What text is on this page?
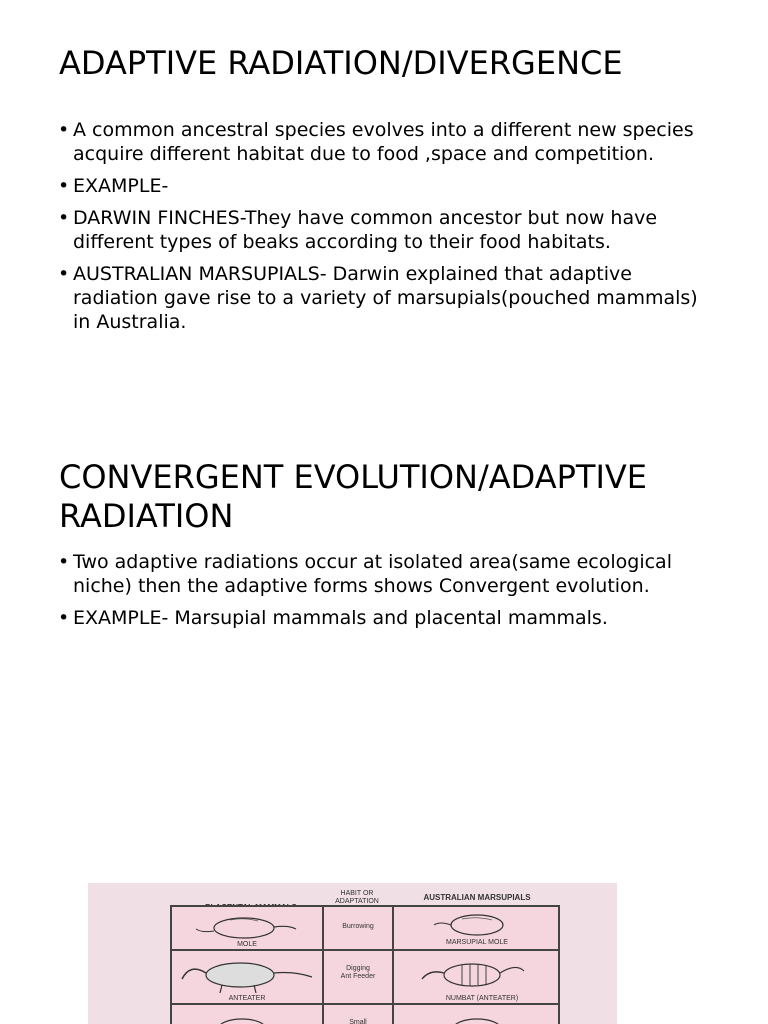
ADAPTIVE RADIATION/DIVERGENCE
• A common ancestral species evolves into a different new species acquire different habitat due to food ,space and competition.
• EXAMPLE-
• DARWIN FINCHES-They have common ancestor but now have different types of beaks according to their food habitats.
• AUSTRALIAN MARSUPIALS- Darwin explained that adaptive radiation gave rise to a variety of marsupials(pouched mammals) in Australia.
CONVERGENT EVOLUTION/ADAPTIVE RADIATION
• Two adaptive radiations occur at isolated area(same ecological niche) then the adaptive forms shows Convergent evolution.
• EXAMPLE- Marsupial mammals and placental mammals.
HABIT OR
ADAPTATION	AUSTRALIAN MARSUPIALS
MOLE
Burrowing
MARSUPIAL MOLE
ANTEATER
Digging
Ant Feeder
NUMBAT (ANTEATER)
Small
